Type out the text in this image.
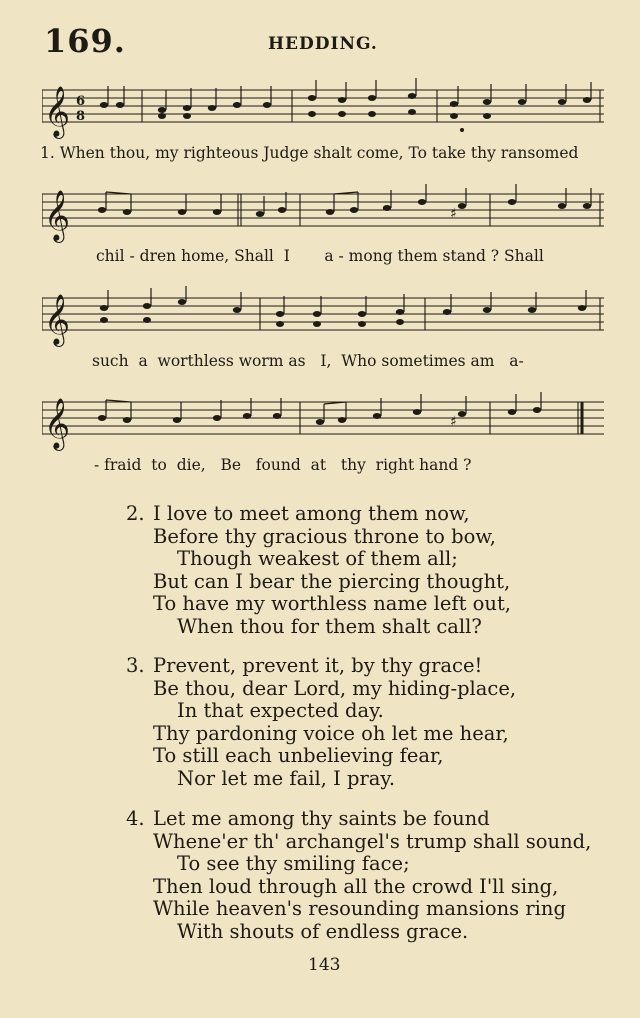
169.	HEDDING.
𝄞 6
8
1. When thou, my righteous Judge shalt come, To take thy ransomed
𝄞	♯
chil - dren home, Shall  I       a - mong them stand ? Shall
𝄞
such  a  worthless worm as   I,  Who sometimes am   a-
𝄞	♯
- fraid  to  die,   Be   found  at   thy  right hand ?
2. I love to meet among them now,
Before thy gracious throne to bow,
Though weakest of them all;
But can I bear the piercing thought,
To have my worthless name left out,
When thou for them shalt call?
3. Prevent, prevent it, by thy grace!
Be thou, dear Lord, my hiding-place,
In that expected day.
Thy pardoning voice oh let me hear,
To still each unbelieving fear,
Nor let me fail, I pray.
4. Let me among thy saints be found
Whene'er th' archangel's trump shall sound,
To see thy smiling face;
Then loud through all the crowd I'll sing,
While heaven's resounding mansions ring
With shouts of endless grace.
143
